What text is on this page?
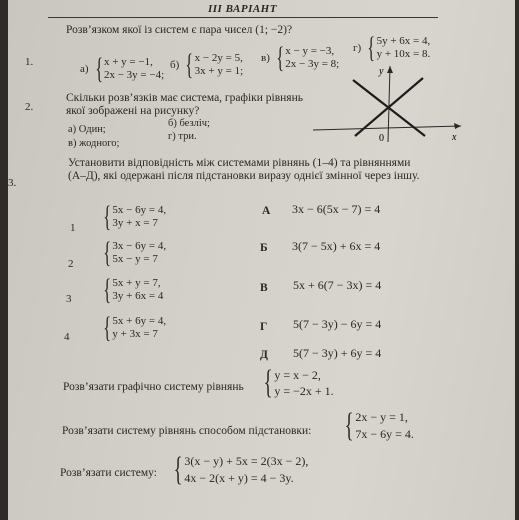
III ВАРІАНТ
1.
Розв’язком якої із систем є пара чисел (1; −2)?
а) { x + y = −1,
2x − 3y = −4;
б) { x − 2y = 5,
3x + y = 1;
в) { x − y = −3,
2x − 3y = 8;
г) { 5y + 6x = 4,
y + 10x = 8.
2.
Скільки розв’язків має система, графіки рівнянь
якої зображені на рисунку?
а) Один;
б) безліч;
в) жодного;
г) три.
y
x
0
3.
Установити відповідність між системами рівнянь (1–4) та рівняннями
(А–Д), які одержані після підстановки виразу однієї змінної через іншу.
1 { 5x − 6y = 4,
3y + x = 7
2 { 3x − 6y = 4,
5x − y = 7
3 { 5x + y = 7,
3y + 6x = 4
4 { 5x + 6y = 4,
y + 3x = 7
А 3x − 6(5x − 7) = 4
Б 3(7 − 5x) + 6x = 4
В 5x + 6(7 − 3x) = 4
Г 5(7 − 3y) − 6y = 4
Д 5(7 − 3y) + 6y = 4
Розв’язати графічно систему рівнянь { y = x − 2,
y = −2x + 1.
Розв’язати систему рівнянь способом підстановки: { 2x − y = 1,
7x − 6y = 4.
Розв’язати систему: { 3(x − y) + 5x = 2(3x − 2),
4x − 2(x + y) = 4 − 3y.
